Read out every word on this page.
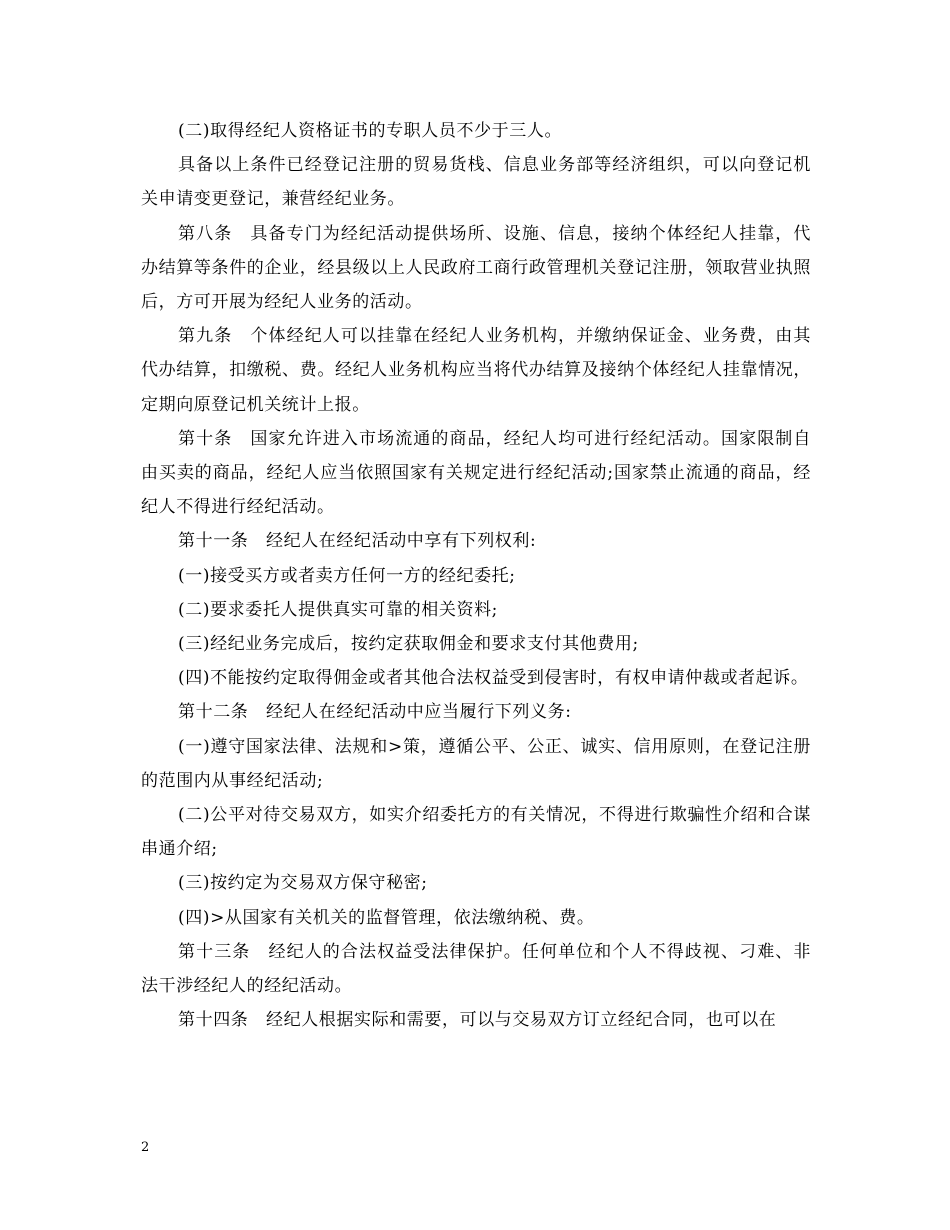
(二)取得经纪人资格证书的专职人员不少于三人。

具备以上条件已经登记注册的贸易货栈、信息业务部等经济组织，可以向登记机关申请变更登记，兼营经纪业务。

第八条　具备专门为经纪活动提供场所、设施、信息，接纳个体经纪人挂靠，代办结算等条件的企业，经县级以上人民政府工商行政管理机关登记注册，领取营业执照后，方可开展为经纪人业务的活动。

第九条　个体经纪人可以挂靠在经纪人业务机构，并缴纳保证金、业务费，由其代办结算，扣缴税、费。经纪人业务机构应当将代办结算及接纳个体经纪人挂靠情况，定期向原登记机关统计上报。

第十条　国家允许进入市场流通的商品，经纪人均可进行经纪活动。国家限制自由买卖的商品，经纪人应当依照国家有关规定进行经纪活动;国家禁止流通的商品，经纪人不得进行经纪活动。

第十一条　经纪人在经纪活动中享有下列权利:

(一)接受买方或者卖方任何一方的经纪委托;

(二)要求委托人提供真实可靠的相关资料;

(三)经纪业务完成后，按约定获取佣金和要求支付其他费用;

(四)不能按约定取得佣金或者其他合法权益受到侵害时，有权申请仲裁或者起诉。

第十二条　经纪人在经纪活动中应当履行下列义务:

(一)遵守国家法律、法规和>策，遵循公平、公正、诚实、信用原则，在登记注册的范围内从事经纪活动;

(二)公平对待交易双方，如实介绍委托方的有关情况，不得进行欺骗性介绍和合谋串通介绍;

(三)按约定为交易双方保守秘密;

(四)>从国家有关机关的监督管理，依法缴纳税、费。

第十三条　经纪人的合法权益受法律保护。任何单位和个人不得歧视、刁难、非法干涉经纪人的经纪活动。

第十四条　经纪人根据实际和需要，可以与交易双方订立经纪合同，也可以在

2
